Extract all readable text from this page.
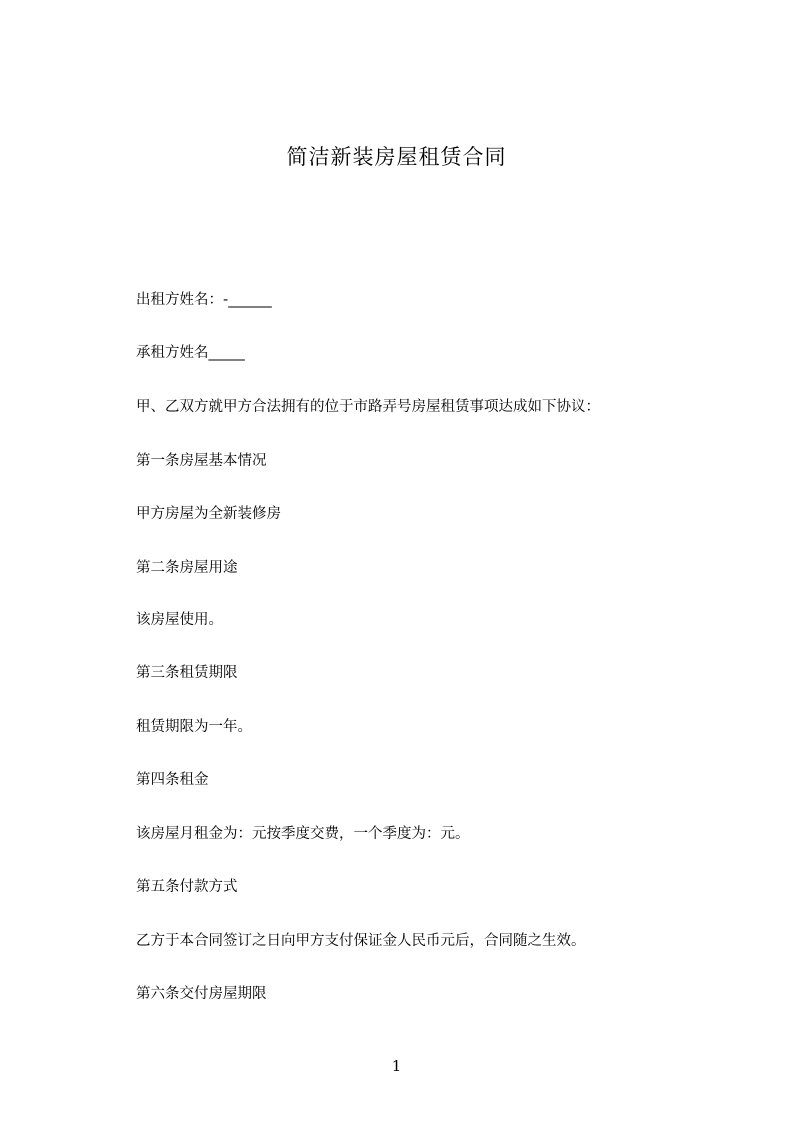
简洁新装房屋租赁合同
出租方姓名：-______
承租方姓名_____
甲、乙双方就甲方合法拥有的位于市路弄号房屋租赁事项达成如下协议：
第一条房屋基本情况
甲方房屋为全新装修房
第二条房屋用途
该房屋使用。
第三条租赁期限
租赁期限为一年。
第四条租金
该房屋月租金为：元按季度交费，一个季度为：元。
第五条付款方式
乙方于本合同签订之日向甲方支付保证金人民币元后，合同随之生效。
第六条交付房屋期限
1
